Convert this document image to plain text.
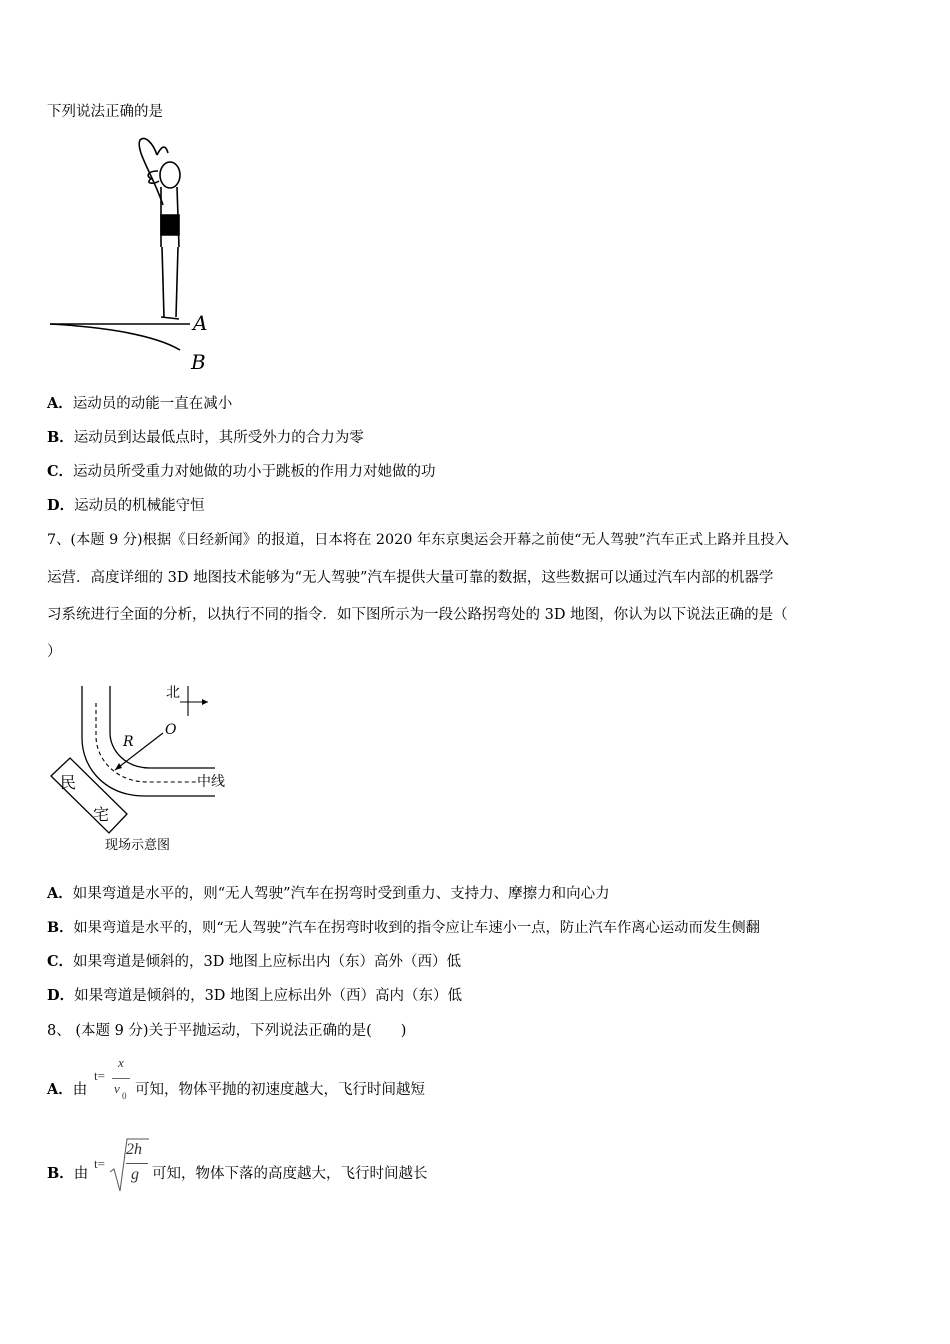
下列说法正确的是
A
B
A．运动员的动能一直在减小
B．运动员到达最低点时，其所受外力的合力为零
C．运动员所受重力对她做的功小于跳板的作用力对她做的功
D．运动员的机械能守恒
7、(本题 9 分)根据《日经新闻》的报道，日本将在 2020 年东京奥运会开幕之前使“无人驾驶”汽车正式上路并且投入
运营．高度详细的 3D 地图技术能够为“无人驾驶”汽车提供大量可靠的数据，这些数据可以通过汽车内部的机器学
习系统进行全面的分析，以执行不同的指令．如下图所示为一段公路拐弯处的 3D 地图，你认为以下说法正确的是（
）
O
R
北
中线
民
宅
现场示意图
A．如果弯道是水平的，则“无人驾驶”汽车在拐弯时受到重力、支持力、摩擦力和向心力
B．如果弯道是水平的，则“无人驾驶”汽车在拐弯时收到的指令应让车速小一点，防止汽车作离心运动而发生侧翻
C．如果弯道是倾斜的，3D 地图上应标出内（东）高外（西）低
D．如果弯道是倾斜的，3D 地图上应标出外（西）高内（东）低
8、 (本题 9 分)关于平抛运动，下列说法正确的是(　　)
A．由
t=
x
v 0 可知，物体平抛的初速度越大，飞行时间越短
B．由
t=
2h
g 可知，物体下落的高度越大，飞行时间越长
